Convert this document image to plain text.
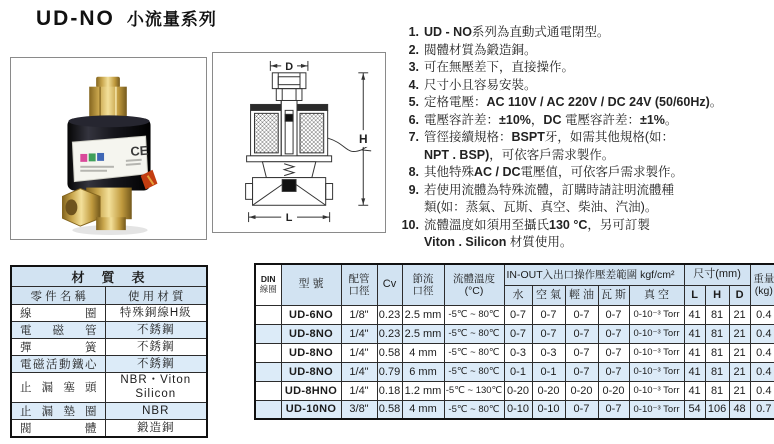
UD-NO 小流量系列
CE
D
L
H
1. UD - NO系列為直動式通電閉型。
2. 閥體材質為鍛造銅。
3. 可在無壓差下，直接操作。
4. 尺寸小且容易安裝。
5. 定格電壓：AC 110V / AC 220V / DC 24V (50/60Hz)。
6. 電壓容許差：±10%，DC 電壓容許差：±1%。
7. 管徑接續規格：BSPT牙，如需其他規格(如：
NPT . BSP)，可依客戶需求製作。
8. 其他特殊AC / DC電壓值，可依客戶需求製作。
9. 若使用流體為特殊流體，訂購時請註明流體種
類(如：蒸氣、瓦斯、真空、柴油、汽油)。
10. 流體溫度如須用至攝氏130 °C，另可訂製
Viton . Silicon 材質使用。
材　質　表	
零 件 名 稱	使 用 材 質
線圈	特殊銅線H級
電磁管	不銹鋼
彈簧	不銹鋼
電磁活動鐵心	不銹鋼
止漏塞頭	NBR・Viton Silicon
止漏墊圈	NBR
閥體	鍛造銅
DIN
線圈	型 號	配管
口徑	Cv	節流
口徑	流體溫度
(°C)	IN-OUT入出口操作壓差範圍 kgf/cm²					尺寸(mm)			重量
(kg)
						水	空 氣	輕 油	瓦 斯	真 空	L	H	D	
	UD-6NO	1/8"	0.23	2.5 mm	-5℃ ~ 80℃	0-7	0-7	0-7	0-7	0-10⁻³ Torr	41	81	21	0.4
	UD-8NO	1/4"	0.23	2.5 mm	-5℃ ~ 80℃	0-7	0-7	0-7	0-7	0-10⁻³ Torr	41	81	21	0.4
	UD-8NO	1/4"	0.58	4 mm	-5℃ ~ 80℃	0-3	0-3	0-7	0-7	0-10⁻³ Torr	41	81	21	0.4
	UD-8NO	1/4"	0.79	6 mm	-5℃ ~ 80℃	0-1	0-1	0-7	0-7	0-10⁻³ Torr	41	81	21	0.4
	UD-8HNO	1/4"	0.18	1.2 mm	-5℃ ~ 130℃	0-20	0-20	0-20	0-20	0-10⁻³ Torr	41	81	21	0.4
	UD-10NO	3/8"	0.58	4 mm	-5℃ ~ 80℃	0-10	0-10	0-7	0-7	0-10⁻³ Torr	54	106	48	0.7
